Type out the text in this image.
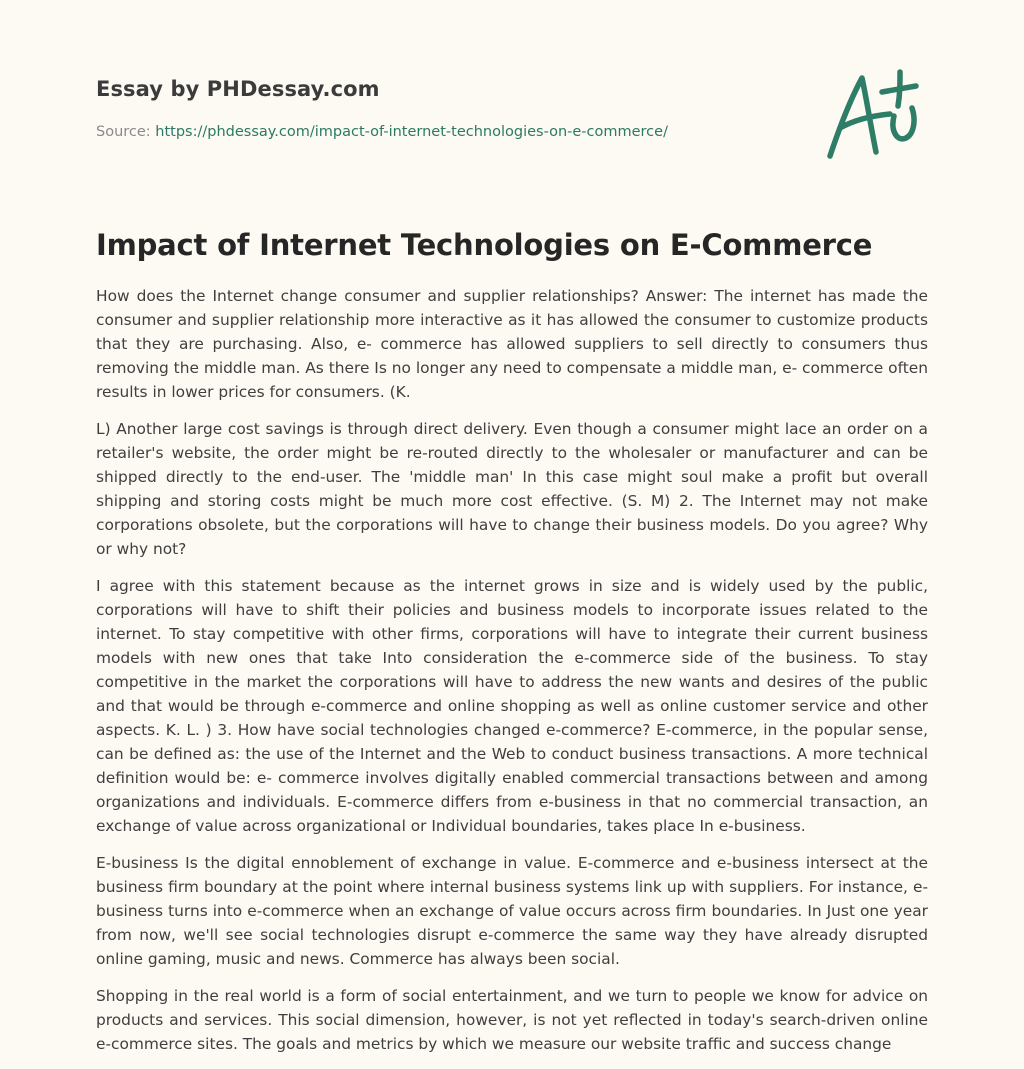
Essay by PHDessay.com
Source: https://phdessay.com/impact-of-internet-technologies-on-e-commerce/
Impact of Internet Technologies on E-Commerce

How does the Internet change consumer and supplier relationships? Answer: The internet has made the consumer and supplier relationship more interactive as it has allowed the consumer to customize products that they are purchasing. Also, e- commerce has allowed suppliers to sell directly to consumers thus removing the middle man. As there Is no longer any need to compensate a middle man, e- commerce often results in lower prices for consumers. (K.

L) Another large cost savings is through direct delivery. Even though a consumer might lace an order on a retailer's website, the order might be re-routed directly to the wholesaler or manufacturer and can be shipped directly to the end-user. The 'middle man' In this case might soul make a profit but overall shipping and storing costs might be much more cost effective. (S. M) 2. The Internet may not make corporations obsolete, but the corporations will have to change their business models. Do you agree? Why or why not?

I agree with this statement because as the internet grows in size and is widely used by the public, corporations will have to shift their policies and business models to incorporate issues related to the internet. To stay competitive with other firms, corporations will have to integrate their current business models with new ones that take Into consideration the e-commerce side of the business. To stay competitive in the market the corporations will have to address the new wants and desires of the public and that would be through e-commerce and online shopping as well as online customer service and other aspects. K. L. ) 3. How have social technologies changed e-commerce? E-commerce, in the popular sense, can be defined as: the use of the Internet and the Web to conduct business transactions. A more technical definition would be: e- commerce involves digitally enabled commercial transactions between and among organizations and individuals. E-commerce differs from e-business in that no commercial transaction, an exchange of value across organizational or Individual boundaries, takes place In e-business.

E-business Is the digital ennoblement of exchange in value. E-commerce and e-business intersect at the business firm boundary at the point where internal business systems link up with suppliers. For instance, e-business turns into e-commerce when an exchange of value occurs across firm boundaries. In Just one year from now, we'll see social technologies disrupt e-commerce the same way they have already disrupted online gaming, music and news. Commerce has always been social.

Shopping in the real world is a form of social entertainment, and we turn to people we know for advice on products and services. This social dimension, however, is not yet reflected in today's search-driven online e-commerce sites. The goals and metrics by which we measure our website traffic and success change
